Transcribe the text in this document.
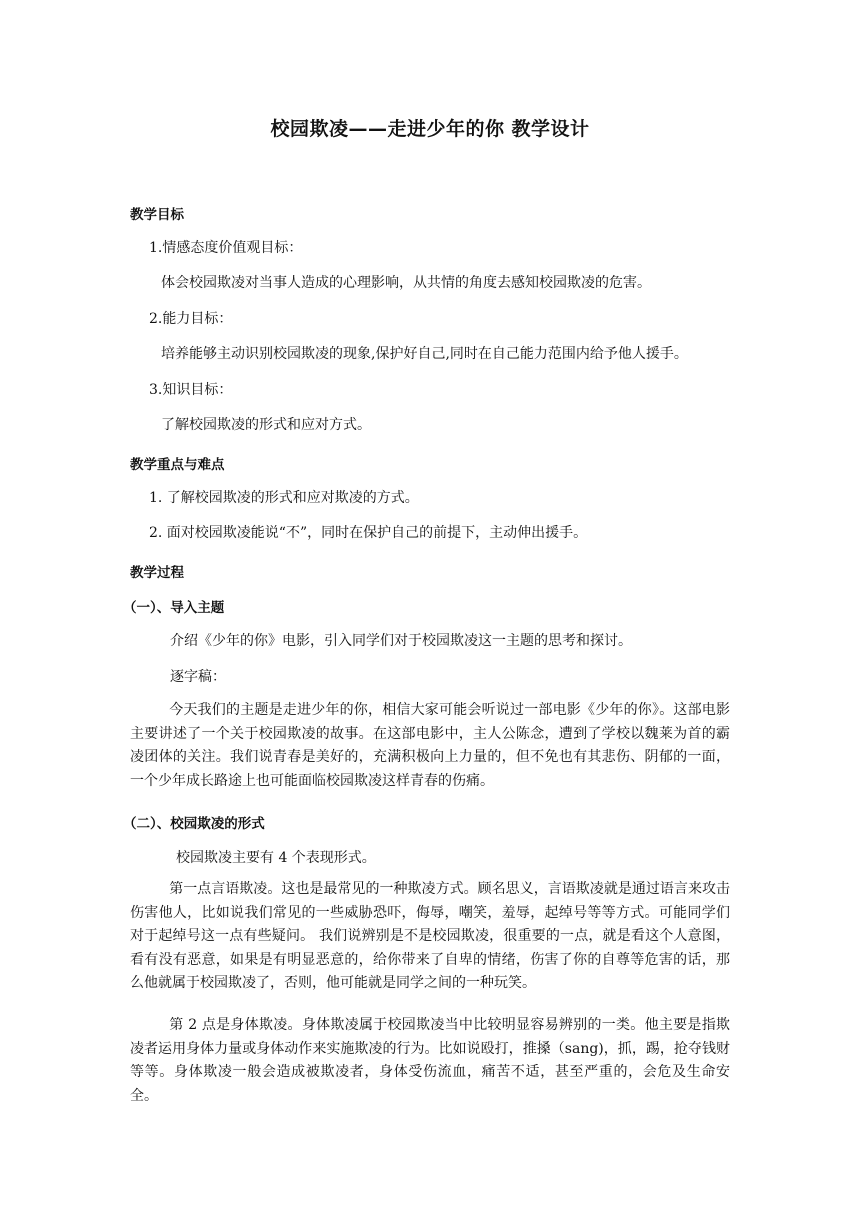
校园欺凌——走进少年的你 教学设计
教学目标
1.情感态度价值观目标：
体会校园欺凌对当事人造成的心理影响，从共情的角度去感知校园欺凌的危害。
2.能力目标：
培养能够主动识别校园欺凌的现象,保护好自己,同时在自己能力范围内给予他人援手。
3.知识目标：
了解校园欺凌的形式和应对方式。
教学重点与难点
1. 了解校园欺凌的形式和应对欺凌的方式。
2. 面对校园欺凌能说“不”，同时在保护自己的前提下，主动伸出援手。
教学过程
（一）、导入主题
介绍《少年的你》电影，引入同学们对于校园欺凌这一主题的思考和探讨。
逐字稿：
今天我们的主题是走进少年的你，相信大家可能会听说过一部电影《少年的你》。这部电影主要讲述了一个关于校园欺凌的故事。在这部电影中，主人公陈念，遭到了学校以魏莱为首的霸凌团体的关注。我们说青春是美好的，充满积极向上力量的，但不免也有其悲伤、阴郁的一面，一个少年成长路途上也可能面临校园欺凌这样青春的伤痛。
（二）、校园欺凌的形式
校园欺凌主要有 4 个表现形式。
第一点言语欺凌。这也是最常见的一种欺凌方式。顾名思义，言语欺凌就是通过语言来攻击伤害他人，比如说我们常见的一些威胁恐吓，侮辱，嘲笑，羞辱，起绰号等等方式。可能同学们对于起绰号这一点有些疑问。 我们说辨别是不是校园欺凌，很重要的一点，就是看这个人意图，看有没有恶意，如果是有明显恶意的，给你带来了自卑的情绪，伤害了你的自尊等危害的话，那么他就属于校园欺凌了，否则，他可能就是同学之间的一种玩笑。
第 2 点是身体欺凌。身体欺凌属于校园欺凌当中比较明显容易辨别的一类。他主要是指欺凌者运用身体力量或身体动作来实施欺凌的行为。比如说殴打，推搡（sang)，抓，踢，抢夺钱财等等。身体欺凌一般会造成被欺凌者，身体受伤流血，痛苦不适，甚至严重的，会危及生命安全。
